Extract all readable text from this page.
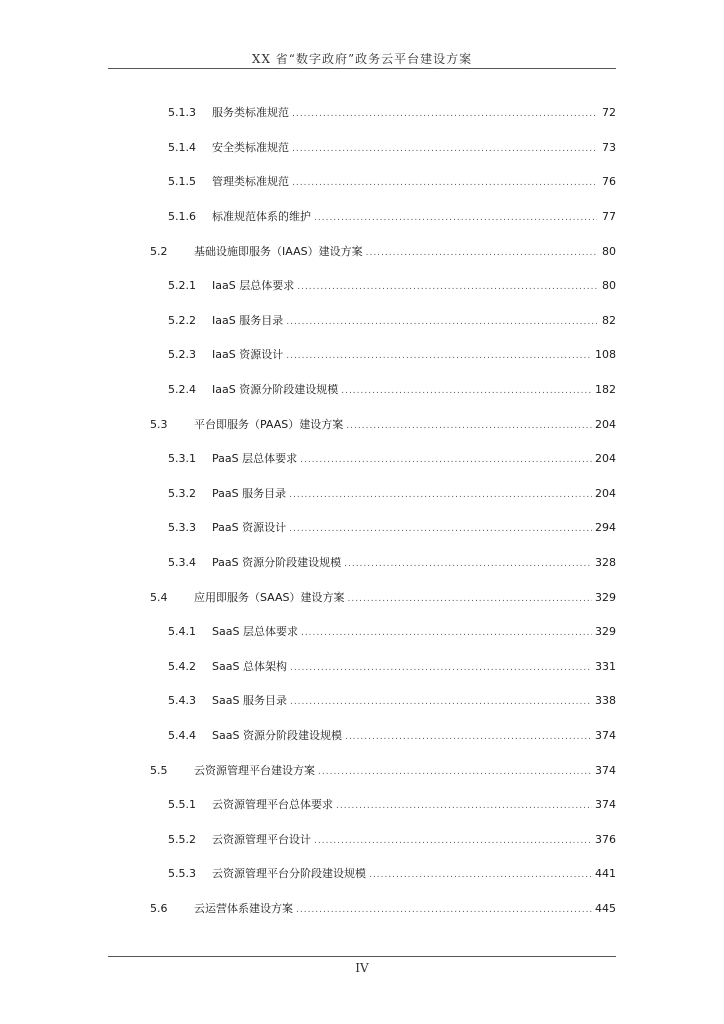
XX 省“数字政府”政务云平台建设方案
5.1.3	服务类标准规范 .....	72
5.1.4	安全类标准规范 .....	73
5.1.5	管理类标准规范 .....	76
5.1.6	标准规范体系的维护 .....	77
5.2	基础设施即服务（IAAS）建设方案 .....	80
5.2.1	IaaS 层总体要求 .....	80
5.2.2	IaaS 服务目录 .....	82
5.2.3	IaaS 资源设计 .....	108
5.2.4	IaaS 资源分阶段建设规模 .....	182
5.3	平台即服务（PAAS）建设方案 .....	204
5.3.1	PaaS 层总体要求 .....	204
5.3.2	PaaS 服务目录 .....	204
5.3.3	PaaS 资源设计 .....	294
5.3.4	PaaS 资源分阶段建设规模 .....	328
5.4	应用即服务（SAAS）建设方案 .....	329
5.4.1	SaaS 层总体要求 .....	329
5.4.2	SaaS 总体架构 .....	331
5.4.3	SaaS 服务目录 .....	338
5.4.4	SaaS 资源分阶段建设规模 .....	374
5.5	云资源管理平台建设方案 .....	374
5.5.1	云资源管理平台总体要求 .....	374
5.5.2	云资源管理平台设计 .....	376
5.5.3	云资源管理平台分阶段建设规模 .....	441
5.6	云运营体系建设方案 .....	445
IV
